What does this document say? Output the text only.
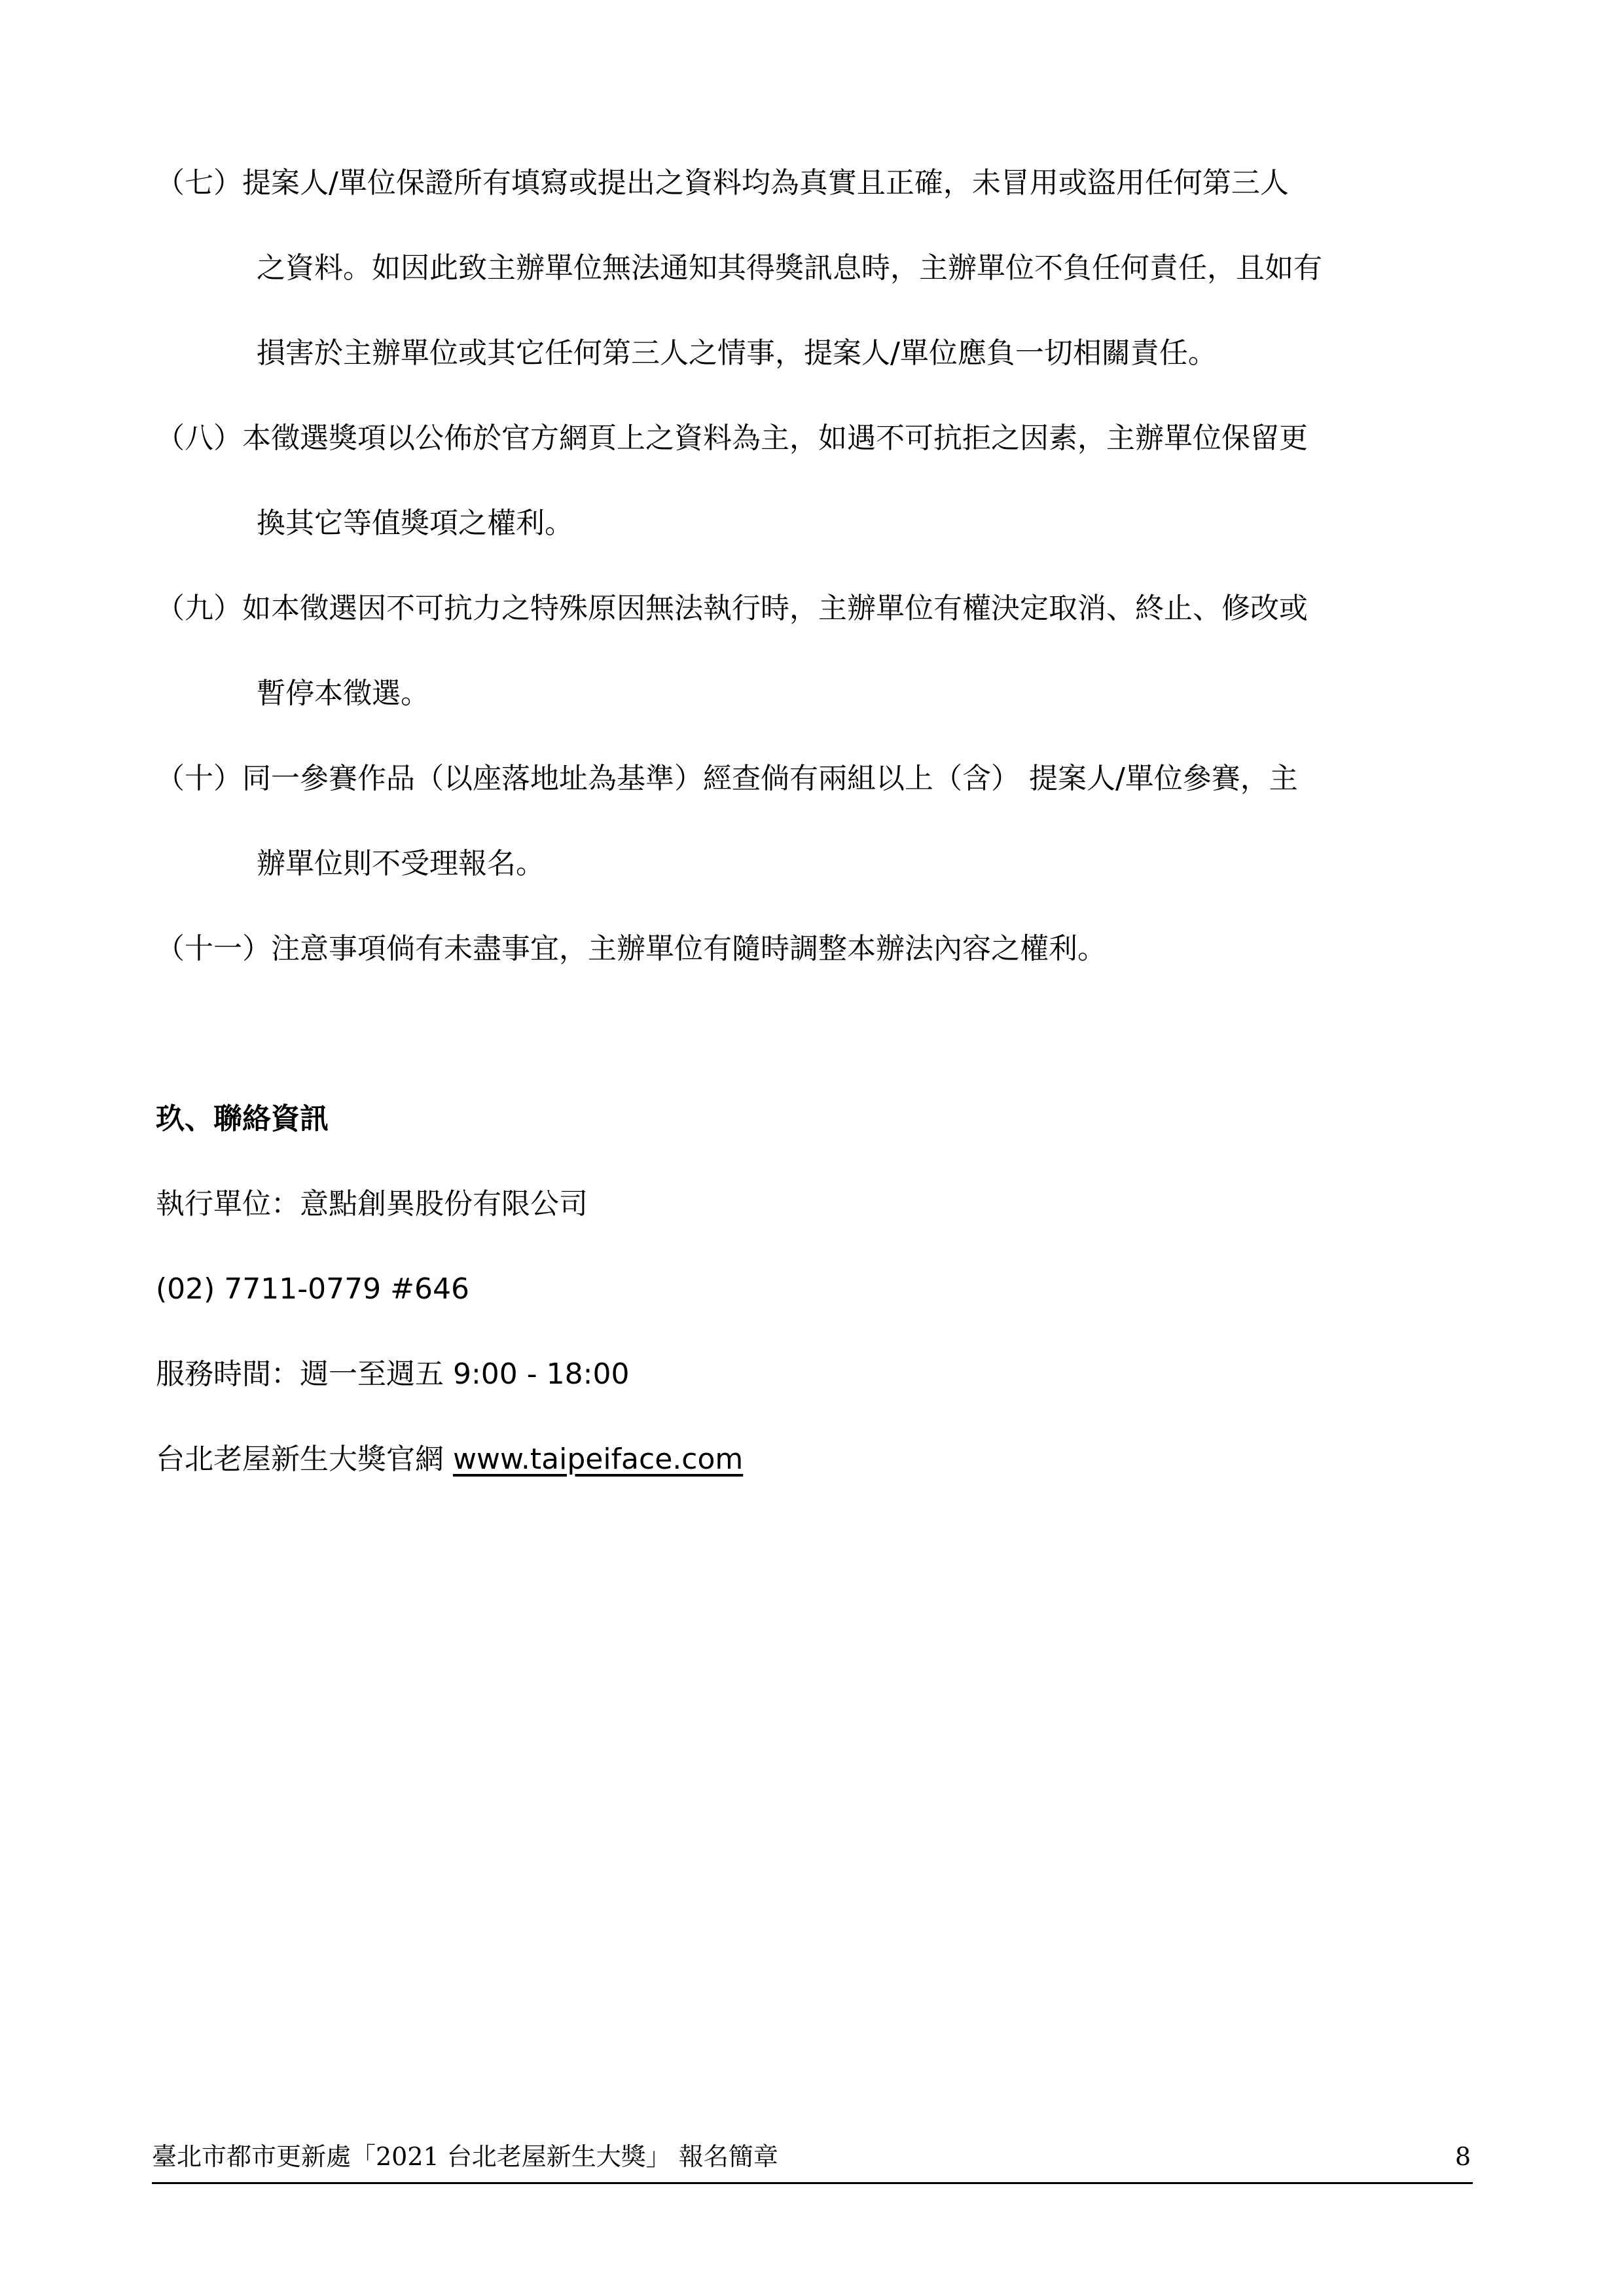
（七）提案人/單位保證所有填寫或提出之資料均為真實且正確，未冒用或盜用任何第三人
之資料。如因此致主辦單位無法通知其得獎訊息時，主辦單位不負任何責任，且如有
損害於主辦單位或其它任何第三人之情事，提案人/單位應負一切相關責任。
（八）本徵選獎項以公佈於官方網頁上之資料為主，如遇不可抗拒之因素，主辦單位保留更
換其它等值獎項之權利。
（九）如本徵選因不可抗力之特殊原因無法執行時，主辦單位有權決定取消、終止、修改或
暫停本徵選。
（十）同一參賽作品（以座落地址為基準）經查倘有兩組以上（含） 提案人/單位參賽，主
辦單位則不受理報名。
（十一）注意事項倘有未盡事宜，主辦單位有隨時調整本辦法內容之權利。
玖、聯絡資訊
執行單位：意點創異股份有限公司
(02) 7711-0779 #646
服務時間：週一至週五 9:00 - 18:00
台北老屋新生大獎官網 www.taipeiface.com
臺北市都市更新處「2021 台北老屋新生大獎」 報名簡章	8
